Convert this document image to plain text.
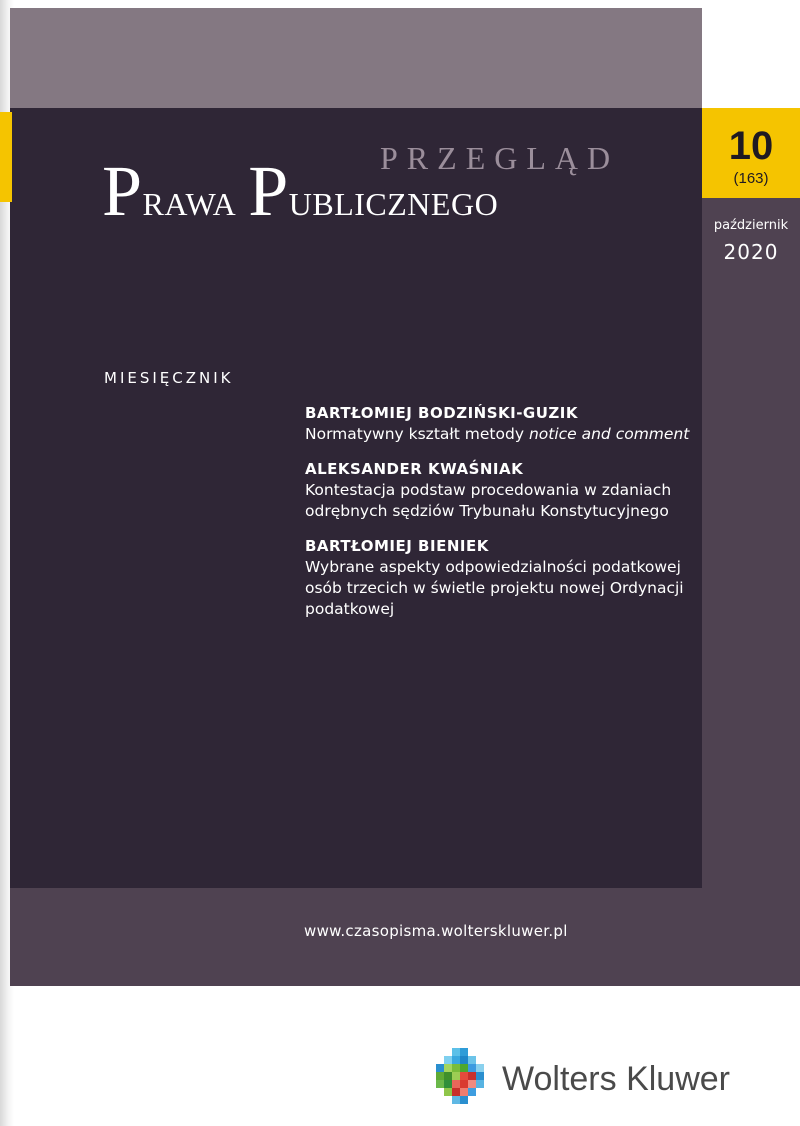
10
(163)
październik
2020
PRZEGLĄD
Prawa Publicznego
MIESIĘCZNIK
BARTŁOMIEJ BODZIŃSKI-GUZIK
Normatywny kształt metody notice and comment
ALEKSANDER KWAŚNIAK
Kontestacja podstaw procedowania w zdaniach odrębnych sędziów Trybunału Konstytucyjnego
BARTŁOMIEJ BIENIEK
Wybrane aspekty odpowiedzialności podatkowej osób trzecich w świetle projektu nowej Ordynacji podatkowej
www.czasopisma.wolterskluwer.pl
Wolters Kluwer
